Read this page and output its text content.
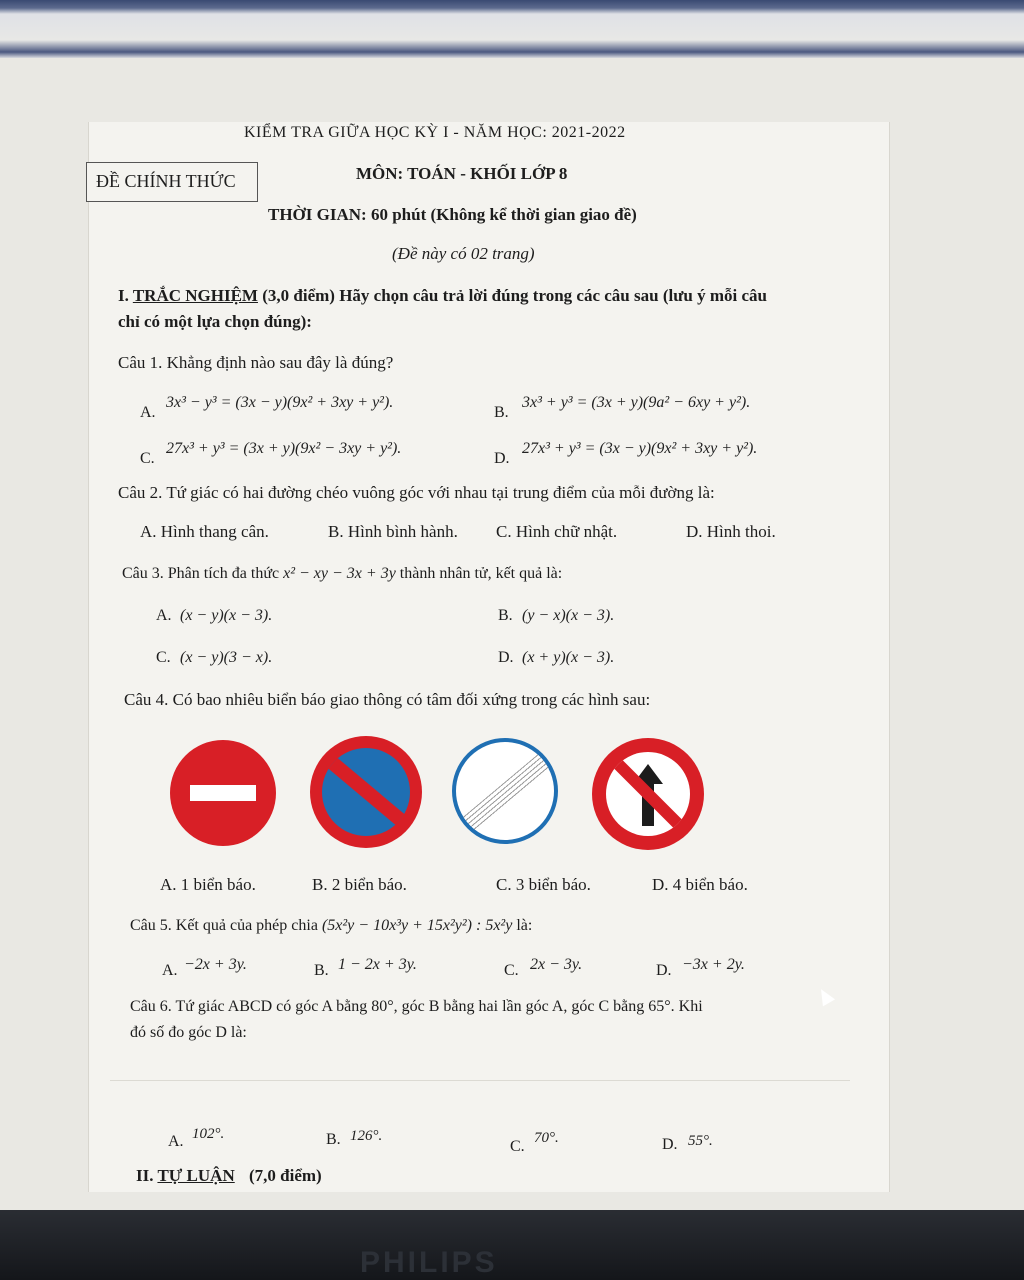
KIỂM TRA GIỮA HỌC KỲ I - NĂM HỌC: 2021-2022
ĐỀ CHÍNH THỨC	MÔN: TOÁN - KHỐI LỚP 8
THỜI GIAN: 60 phút (Không kể thời gian giao đề)
(Đề này có 02 trang)
I. TRẮC NGHIỆM (3,0 điểm) Hãy chọn câu trả lời đúng trong các câu sau (lưu ý mỗi câu
chỉ có một lựa chọn đúng):
Câu 1. Khẳng định nào sau đây là đúng?
A.
3x³ − y³ = (3x − y)(9x² + 3xy + y²).
B.
3x³ + y³ = (3x + y)(9a² − 6xy + y²).
C.
27x³ + y³ = (3x + y)(9x² − 3xy + y²).
D.
27x³ + y³ = (3x − y)(9x² + 3xy + y²).
Câu 2. Tứ giác có hai đường chéo vuông góc với nhau tại trung điểm của mỗi đường là:
A. Hình thang cân.	B. Hình bình hành. C. Hình chữ nhật.	D. Hình thoi.
Câu 3. Phân tích đa thức x² − xy − 3x + 3y thành nhân tử, kết quả là:
A. (x − y)(x − 3).	B. (y − x)(x − 3).
C. (x − y)(3 − x).	D. (x + y)(x − 3).
Câu 4. Có bao nhiêu biển báo giao thông có tâm đối xứng trong các hình sau:
A. 1 biển báo.	B. 2 biển báo.	C. 3 biển báo.	D. 4 biển báo.
Câu 5. Kết quả của phép chia (5x²y − 10x³y + 15x²y²) : 5x²y là:
A. −2x + 3y.	B. 1 − 2x + 3y.	C. 2x − 3y.	D. −3x + 2y.
Câu 6. Tứ giác ABCD có góc A bằng 80°, góc B bằng hai lần góc A, góc C bằng 65°. Khi
đó số đo góc D là:
A. 102°.	B. 126°.
C. 70°.	D. 55°.
II. TỰ LUẬN (7,0 điểm)
PHILIPS
